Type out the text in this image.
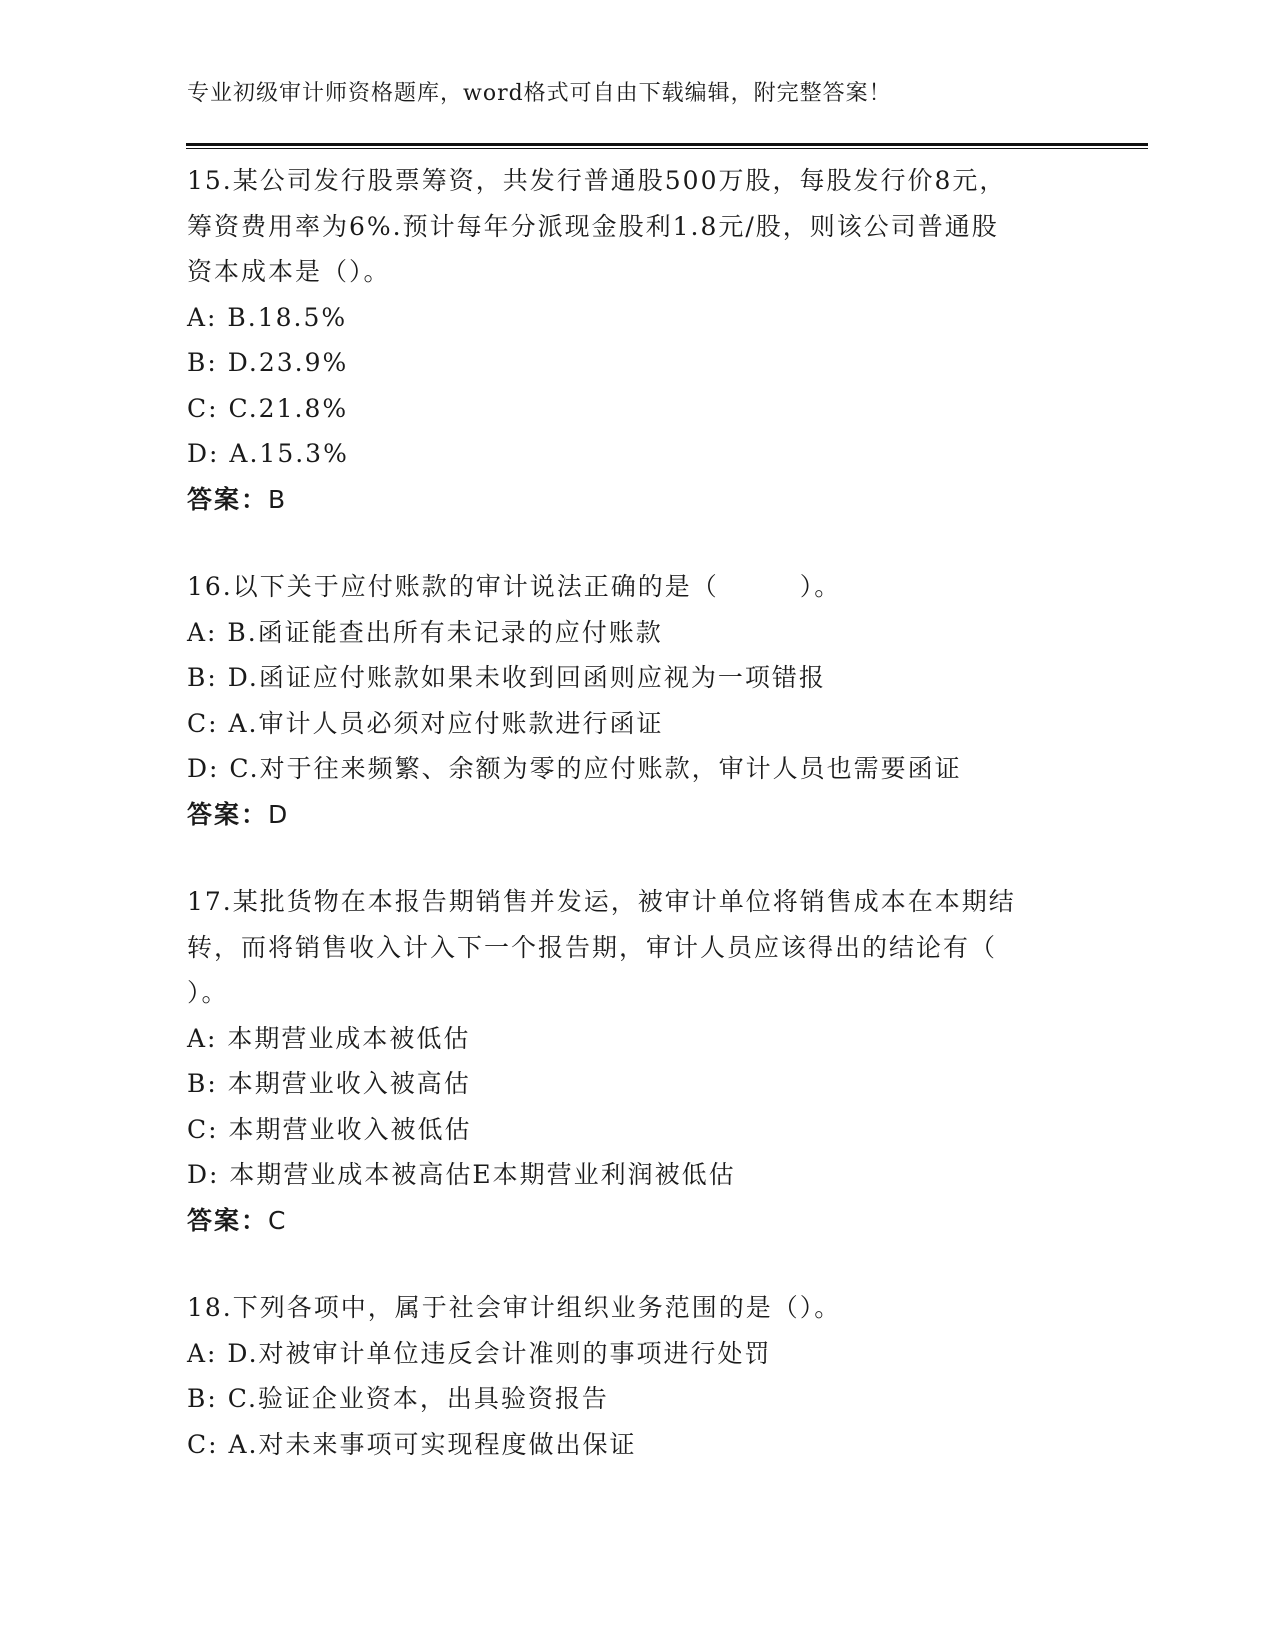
专业初级审计师资格题库，word格式可自由下载编辑，附完整答案！
15.某公司发行股票筹资，共发行普通股500万股，每股发行价8元，
筹资费用率为6%.预计每年分派现金股利1.8元/股，则该公司普通股
资本成本是（）。
A: B.18.5%
B: D.23.9%
C: C.21.8%
D: A.15.3%
答案：B
16.以下关于应付账款的审计说法正确的是（　　　）。
A: B.函证能查出所有未记录的应付账款
B: D.函证应付账款如果未收到回函则应视为一项错报
C: A.审计人员必须对应付账款进行函证
D: C.对于往来频繁、余额为零的应付账款，审计人员也需要函证
答案：D
17.某批货物在本报告期销售并发运，被审计单位将销售成本在本期结
转，而将销售收入计入下一个报告期，审计人员应该得出的结论有（
）。
A: 本期营业成本被低估
B: 本期营业收入被高估
C: 本期营业收入被低估
D: 本期营业成本被高估E本期营业利润被低估
答案：C
18.下列各项中，属于社会审计组织业务范围的是（）。
A: D.对被审计单位违反会计准则的事项进行处罚
B: C.验证企业资本，出具验资报告
C: A.对未来事项可实现程度做出保证
